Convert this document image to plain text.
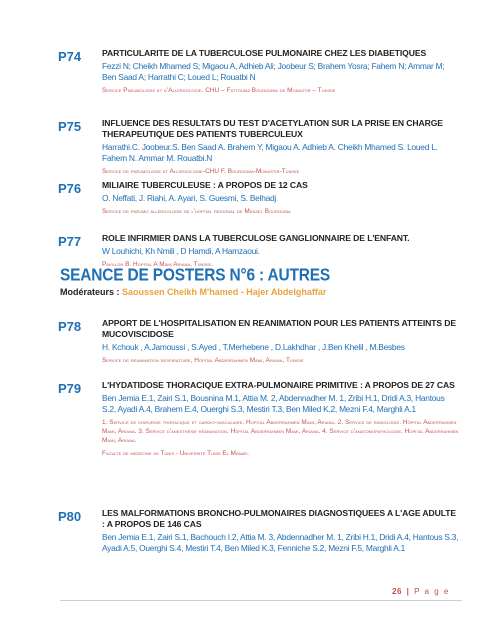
P74	PARTICULARITE DE LA TUBERCULOSE PULMONAIRE CHEZ LES DIABETIQUES
Fezzi N; Cheikh Mhamed S; Migaou A, Adhieb Ali; Joobeur S; Brahem Yosra; Fahem N; Ammar M; Ben Saad A; Harrathi C; Loued L; Rouatbi N
Service Pneumologie et d'Allergologie. CHU – Fattouma Bourguiba de Monastir – Tunisie
P75	INFLUENCE DES RESULTATS DU TEST D'ACETYLATION SUR LA PRISE EN CHARGE THERAPEUTIQUE DES PATIENTS TUBERCULEUX
Harrathi.C. Joobeur.S. Ben Saad A. Brahem Y, Migaou A. Adhieb A. Cheikh Mhamed S. Loued L. Fahem N. Ammar M. Rouatbi.N
Service de pneumologie et Allergologie-CHU F. Bourguiba-Monastir-Tunisie
P76	MILIAIRE TUBERCULEUSE : A PROPOS DE 12 CAS
O. Neffati, J. Riahi, A. Ayari, S. Guesmi, S. Belhadj
Service de pneumo allergologie de l'hopital regional de Menzel Bourguiba
P77	ROLE INFIRMIER DANS LA TUBERCULOSE GANGLIONNAIRE DE L'ENFANT.
W Louhichi, Kh Nmili , D Hamdi, A Hamzaoui.
Pavillon B. Hopital A Mami Ariana, Tunisie.
SEANCE DE POSTERS N°6 : AUTRES
Modérateurs : Saoussen Cheikh M'hamed - Hajer Abdelghaffar
P78	APPORT DE L'HOSPITALISATION EN REANIMATION POUR LES PATIENTS ATTEINTS DE MUCOVISCIDOSE
H. Kchouk , A.Jamoussi , S.Ayed , T.Merhebene , D.Lakhdhar , J.Ben Khelil , M.Besbes
Service de reanimation respiratoire, Hopital Abderrahmen Mami, Ariana, Tunisie
P79	L'HYDATIDOSE THORACIQUE EXTRA-PULMONAIRE PRIMITIVE : A PROPOS DE 27 CAS
Ben Jemia E.1, Zairi S.1, Bousnina M.1, Attia M. 2, Abdennadher M. 1, Zribi H.1, Dridi A.3, Hantous S.2, Ayadi A.4, Brahem E.4, Ouerghi S.3, Mestiri T.3, Ben Miled K.2, Mezni F.4, Marghli A.1
1. Service de chirurgie thoracique et cardio-vasculaire. Hopital Abderrahmen Mami, Ariana. 2. Service de radiologie. Hôpital Abderrahmen Mami, Ariana. 3. Service d'anesthésie réanimation. Hôpital Abderrahmen Mami, Ariana. 4. Service d'anatomopathologie. Hopital Abderrahmen Mami, Ariana.
Faculte de medecine de Tunis - Universite Tunis El Manar.
P80	LES MALFORMATIONS BRONCHO-PULMONAIRES DIAGNOSTIQUEES A L'AGE ADULTE : A PROPOS DE 146 CAS
Ben Jemia E.1, Zairi S.1, Bachouch I.2, Attia M. 3, Abdennadher M. 1, Zribi H.1, Dridi A.4, Hantous S.3, Ayadi A.5, Ouerghi S.4, Mestiri T.4, Ben Miled K.3, Fenniche S.2, Mezni F.5, Marghli A.1
26 | P a g e
